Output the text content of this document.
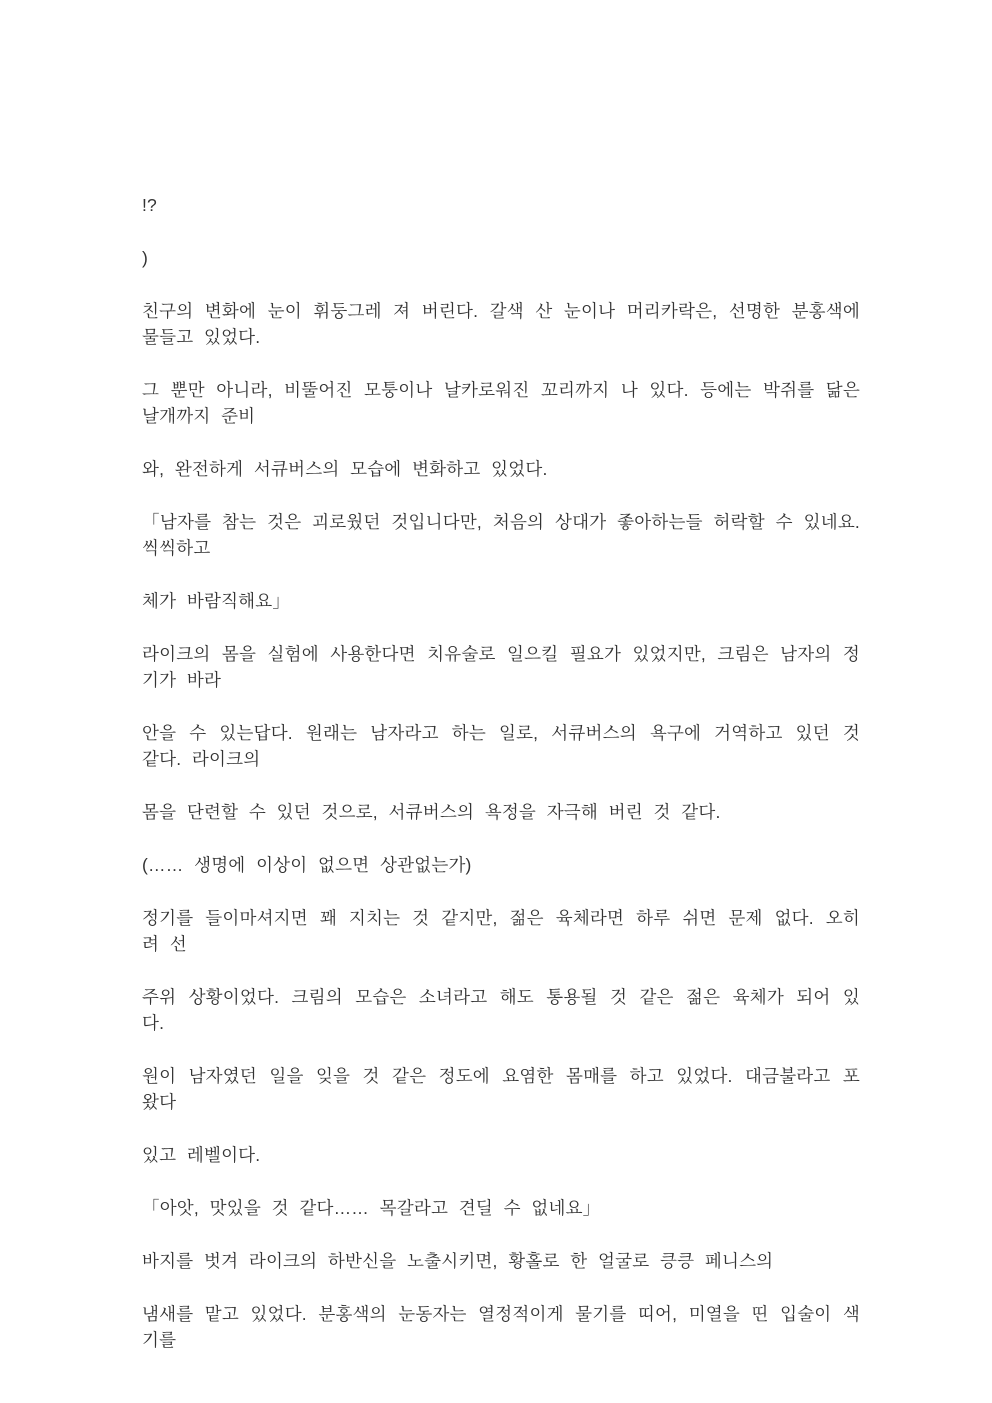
!?

)

친구의 변화에 눈이 휘둥그레 져 버린다. 갈색 산 눈이나 머리카락은, 선명한 분홍색에 물들고 있었다.

그 뿐만 아니라, 비뚤어진 모퉁이나 날카로워진 꼬리까지 나 있다. 등에는 박쥐를 닮은 날개까지 준비

와, 완전하게 서큐버스의 모습에 변화하고 있었다.

「남자를 참는 것은 괴로웠던 것입니다만, 처음의 상대가 좋아하는들 허락할 수 있네요. 씩씩하고

체가 바람직해요」

라이크의 몸을 실험에 사용한다면 치유술로 일으킬 필요가 있었지만, 크림은 남자의 정기가 바라

안을 수 있는답다. 원래는 남자라고 하는 일로, 서큐버스의 욕구에 거역하고 있던 것 같다. 라이크의

몸을 단련할 수 있던 것으로, 서큐버스의 욕정을 자극해 버린 것 같다.

(…… 생명에 이상이 없으면 상관없는가)

정기를 들이마셔지면 꽤 지치는 것 같지만, 젊은 육체라면 하루 쉬면 문제 없다. 오히려 선

주위 상황이었다. 크림의 모습은 소녀라고 해도 통용될 것 같은 젊은 육체가 되어 있다.

원이 남자였던 일을 잊을 것 같은 정도에 요염한 몸매를 하고 있었다. 대금불라고 포 왔다

있고 레벨이다.

「아앗, 맛있을 것 같다…… 목갈라고 견딜 수 없네요」

바지를 벗겨 라이크의 하반신을 노출시키면, 황홀로 한 얼굴로 킁킁 페니스의

냄새를 맡고 있었다. 분홍색의 눈동자는 열정적이게 물기를 띠어, 미열을 띤 입술이 색기를
